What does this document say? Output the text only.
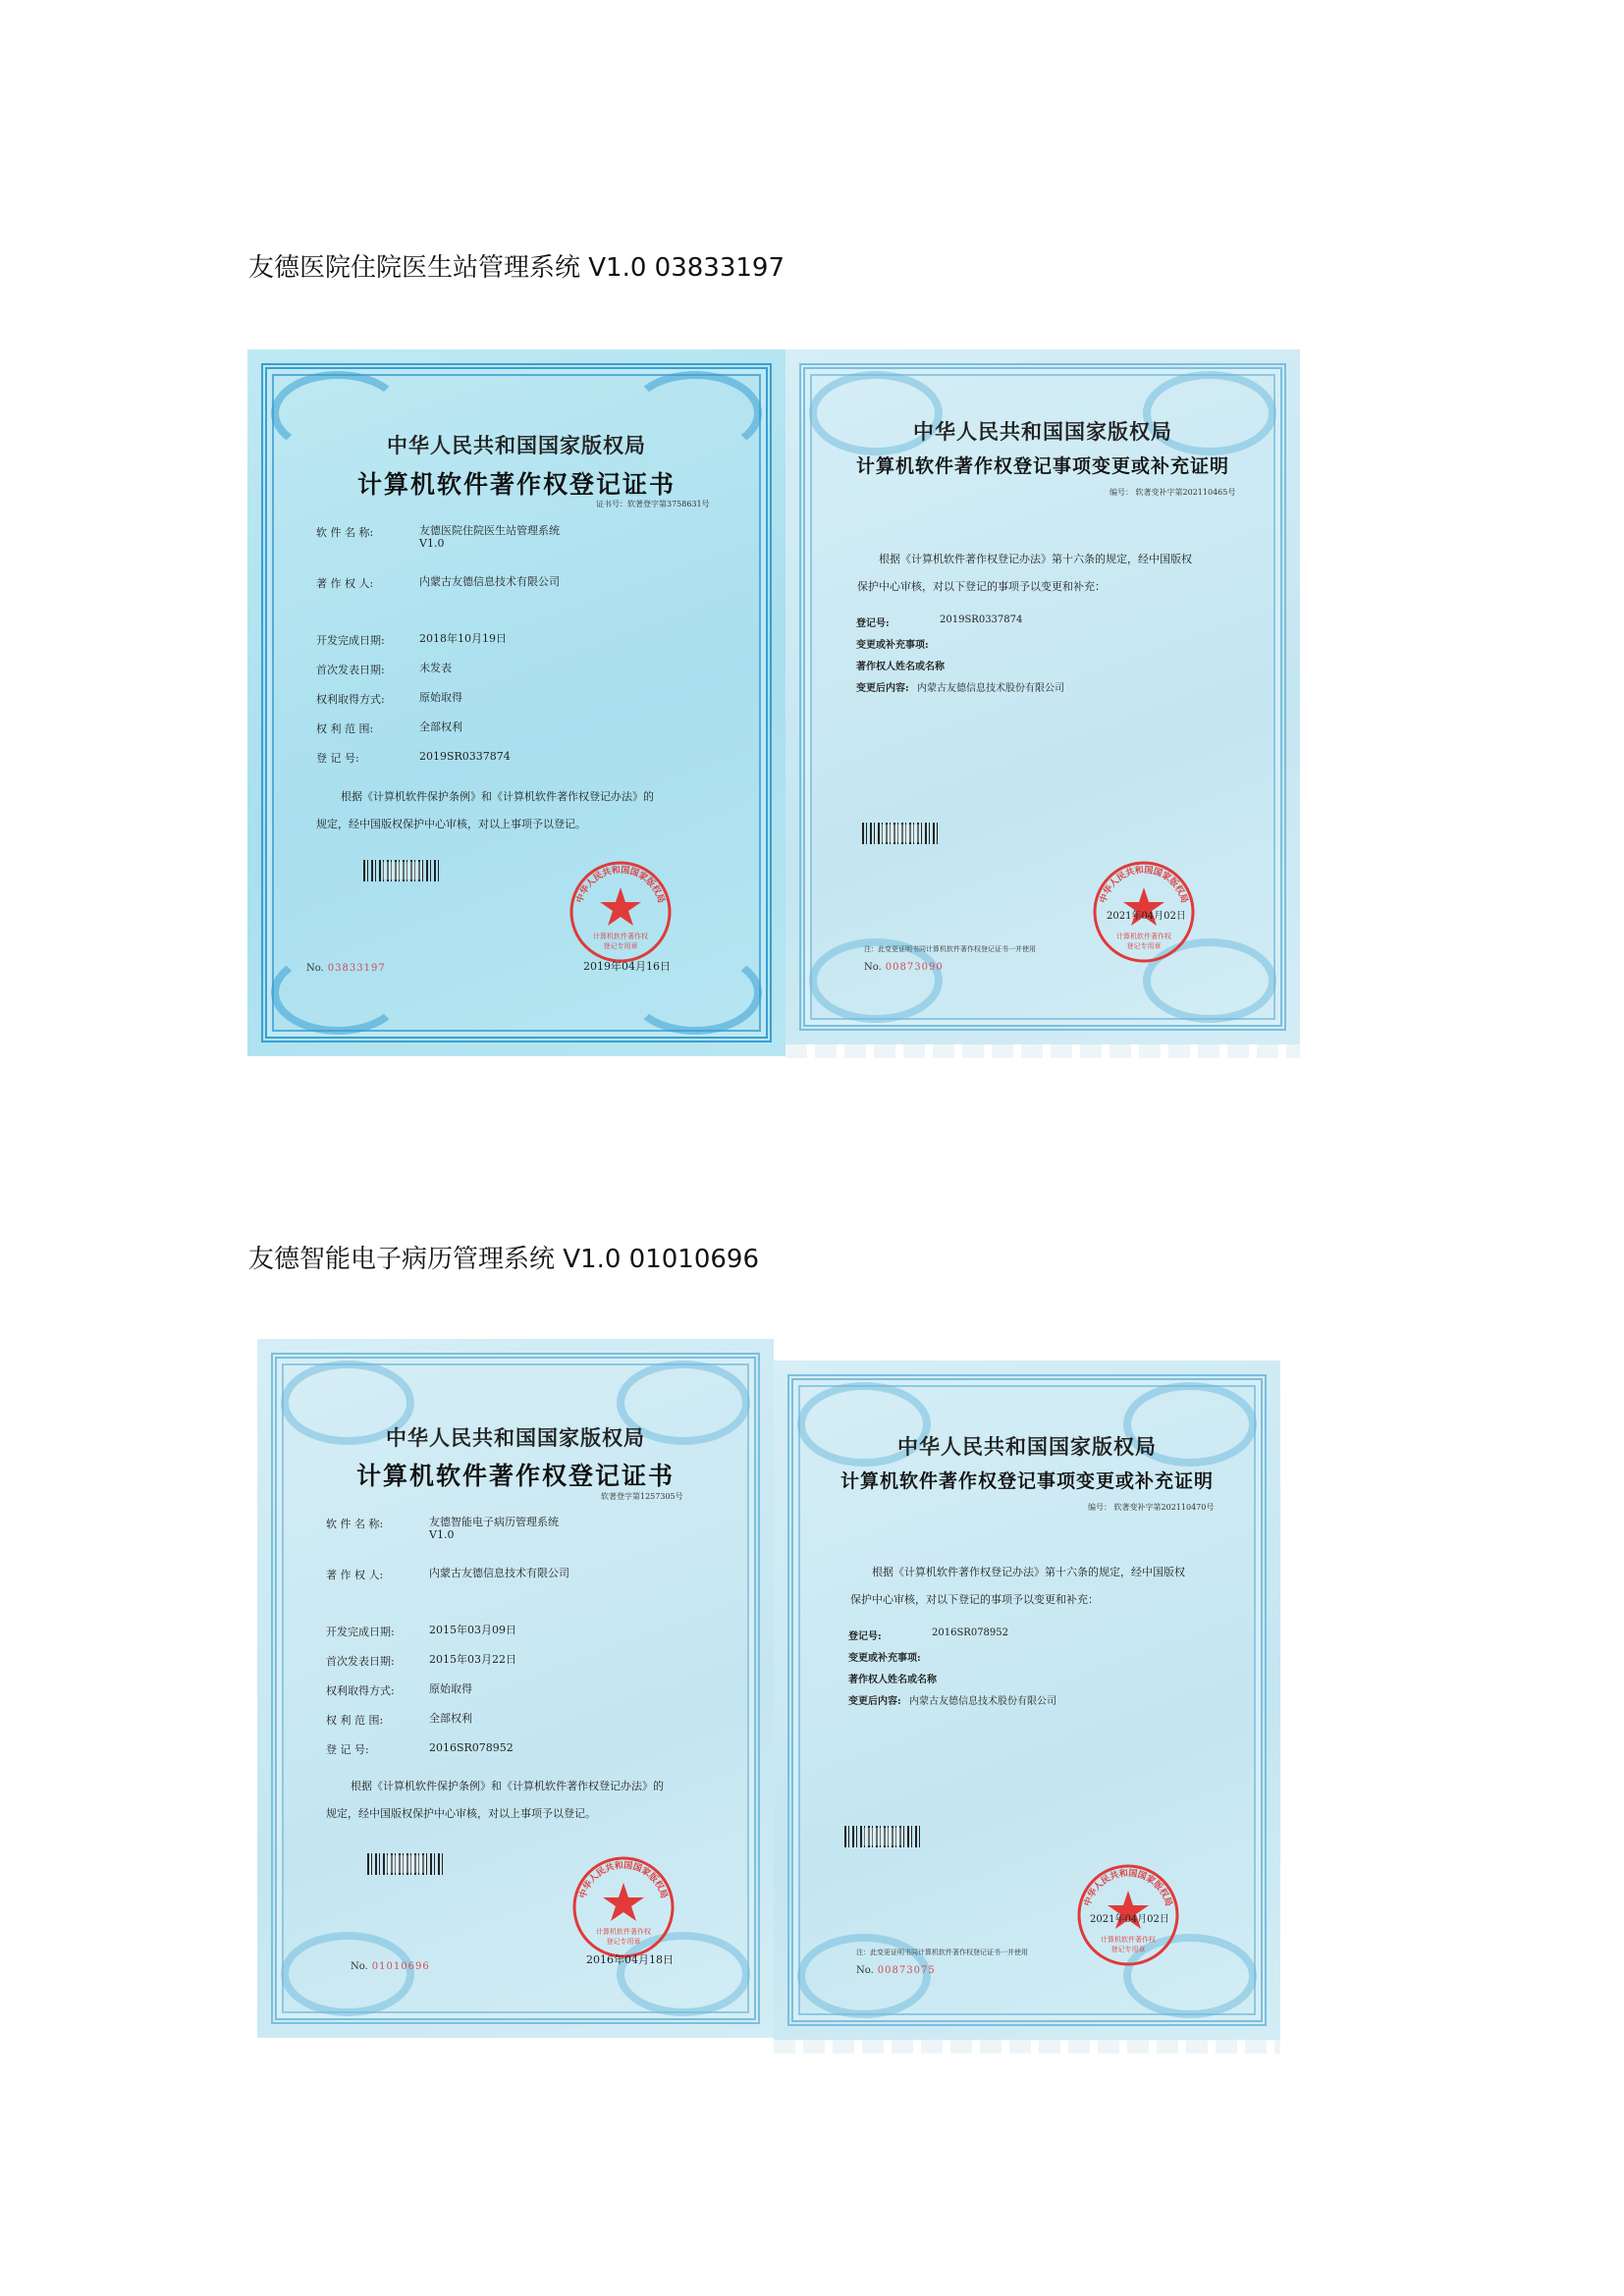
友德医院住院医生站管理系统 V1.0 03833197
中华人民共和国国家版权局
计算机软件著作权登记证书
证书号：软著登字第3758631号
软 件 名 称:	友德医院住院医生站管理系统
V1.0
著 作 权 人:	内蒙古友德信息技术有限公司
开发完成日期:	2018年10月19日
首次发表日期:	未发表
权利取得方式:	原始取得
权 利 范 围:	全部权利
登 记 号:	2019SR0337874
根据《计算机软件保护条例》和《计算机软件著作权登记办法》的
规定，经中国版权保护中心审核，对以上事项予以登记。
中华人民共和国国家版权局
计算机软件著作权
登记专用章
2019年04月16日
No. 03833197
中华人民共和国国家版权局
计算机软件著作权登记事项变更或补充证明
编号： 软著变补字第202110465号
根据《计算机软件著作权登记办法》第十六条的规定，经中国版权
保护中心审核，对以下登记的事项予以变更和补充：
登记号:	2019SR0337874
变更或补充事项:
著作权人姓名或名称
变更后内容: 内蒙古友德信息技术股份有限公司
中华人民共和国国家版权局
计算机软件著作权
登记专用章
2021年04月02日
注：此变更证明书同计算机软件著作权登记证书一并使用
No. 00873090
友德智能电子病历管理系统 V1.0 01010696
中华人民共和国国家版权局
计算机软件著作权登记证书
软著登字第1257305号
软 件 名 称:	友德智能电子病历管理系统
V1.0
著 作 权 人:	内蒙古友德信息技术有限公司
开发完成日期:	2015年03月09日
首次发表日期:	2015年03月22日
权利取得方式:	原始取得
权 利 范 围:	全部权利
登 记 号:	2016SR078952
根据《计算机软件保护条例》和《计算机软件著作权登记办法》的
规定，经中国版权保护中心审核，对以上事项予以登记。
中华人民共和国国家版权局
计算机软件著作权
登记专用章
2016年04月18日
No. 01010696
中华人民共和国国家版权局
计算机软件著作权登记事项变更或补充证明
编号： 软著变补字第202110470号
根据《计算机软件著作权登记办法》第十六条的规定，经中国版权
保护中心审核，对以下登记的事项予以变更和补充：
登记号:	2016SR078952
变更或补充事项:
著作权人姓名或名称
变更后内容: 内蒙古友德信息技术股份有限公司
中华人民共和国国家版权局
计算机软件著作权
登记专用章
2021年04月02日
注：此变更证明书同计算机软件著作权登记证书一并使用
No. 00873075
